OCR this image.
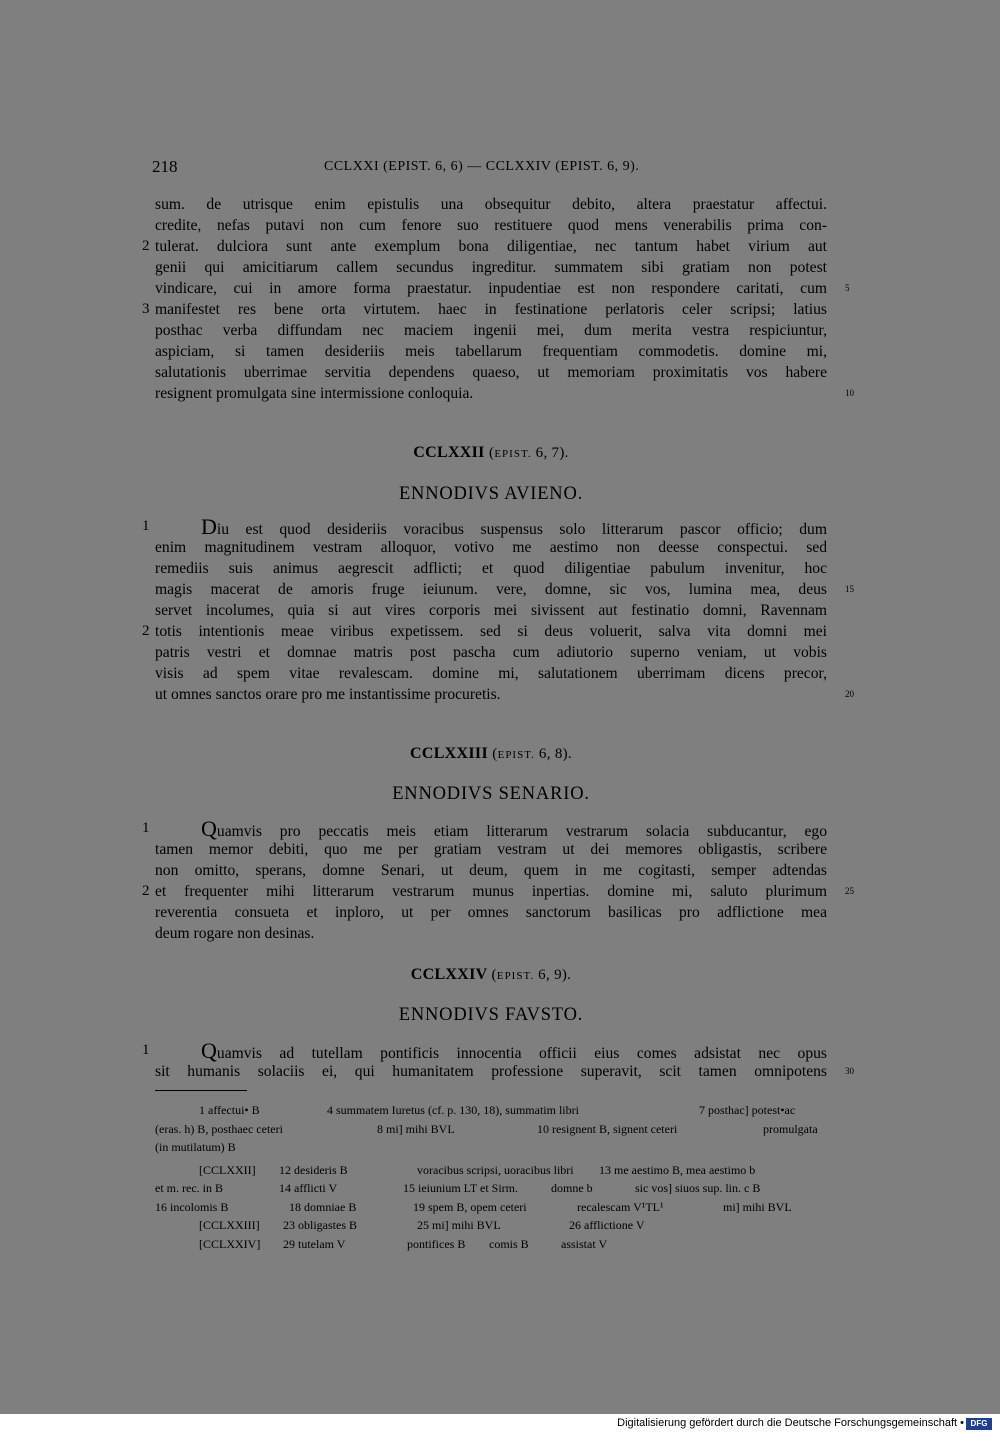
218	CCLXXI (EPIST. 6, 6) — CCLXXIV (EPIST. 6, 9).
sum. de utrisque enim epistulis una obsequitur debito, altera praestatur affectui.
credite, nefas putavi non cum fenore suo restituere quod mens venerabilis prima con-
2 tulerat. dulciora sunt ante exemplum bona diligentiae, nec tantum habet virium aut
genii qui amicitiarum callem secundus ingreditur. summatem sibi gratiam non potest
vindicare, cui in amore forma praestatur. inpudentiae est non respondere caritati, cum 5
3 manifestet res bene orta virtutem. haec in festinatione perlatoris celer scripsi; latius
posthac verba diffundam nec maciem ingenii mei, dum merita vestra respiciuntur,
aspiciam, si tamen desideriis meis tabellarum frequentiam commodetis. domine mi,
salutationis uberrimae servitia dependens quaeso, ut memoriam proximitatis vos habere
resignent promulgata sine intermissione conloquia.	10
CCLXXII (EPIST. 6, 7).
ENNODIVS AVIENO.
1 Diu est quod desideriis voracibus suspensus solo litterarum pascor officio; dum
enim magnitudinem vestram alloquor, votivo me aestimo non deesse conspectui. sed
remediis suis animus aegrescit adflicti; et quod diligentiae pabulum invenitur, hoc
magis macerat de amoris fruge ieiunum. vere, domne, sic vos, lumina mea, deus 15
servet incolumes, quia si aut vires corporis mei sivissent aut festinatio domni, Ravennam
2 totis intentionis meae viribus expetissem. sed si deus voluerit, salva vita domni mei
patris vestri et domnae matris post pascha cum adiutorio superno veniam, ut vobis
visis ad spem vitae revalescam. domine mi, salutationem uberrimam dicens precor,
ut omnes sanctos orare pro me instantissime procuretis.	20
CCLXXIII (EPIST. 6, 8).
ENNODIVS SENARIO.
1 Quamvis pro peccatis meis etiam litterarum vestrarum solacia subducantur, ego
tamen memor debiti, quo me per gratiam vestram ut dei memores obligastis, scribere
non omitto, sperans, domne Senari, ut deum, quem in me cogitasti, semper adtendas
2 et frequenter mihi litterarum vestrarum munus inpertias. domine mi, saluto plurimum 25
reverentia consueta et inploro, ut per omnes sanctorum basilicas pro adflictione mea
deum rogare non desinas.
CCLXXIV (EPIST. 6, 9).
ENNODIVS FAVSTO.
1 Quamvis ad tutellam pontificis innocentia officii eius comes adsistat nec opus
sit humanis solaciis ei, qui humanitatem professione superavit, scit tamen omnipotens 30
1 affectui• B	4 summatem Iuretus (cf. p. 130, 18), summatim libri	7 posthac] potest•ac
(eras. h) B, posthaec ceteri	8 mi] mihi BVL	10 resignent B, signent ceteri	promulgata
(in mutilatum) B
[CCLXXII] 12 desideris B	voracibus scripsi, uoracibus libri 13 me aestimo B, mea aestimo b
et m. rec. in B	14 afflicti V	15 ieiunium LT et Sirm.	domne b	sic vos] siuos sup. lin. c B
16 incolomis B	18 domniae B	19 spem B, opem ceteri	recalescam V¹TL¹	mi] mihi BVL
[CCLXXIII] 23 obligastes B	25 mi] mihi BVL	26 afflictione V
[CCLXXIV] 29 tutelam V	pontifices B comis B	assistat V
Digitalisierung gefördert durch die Deutsche Forschungsgemeinschaft • DFG
